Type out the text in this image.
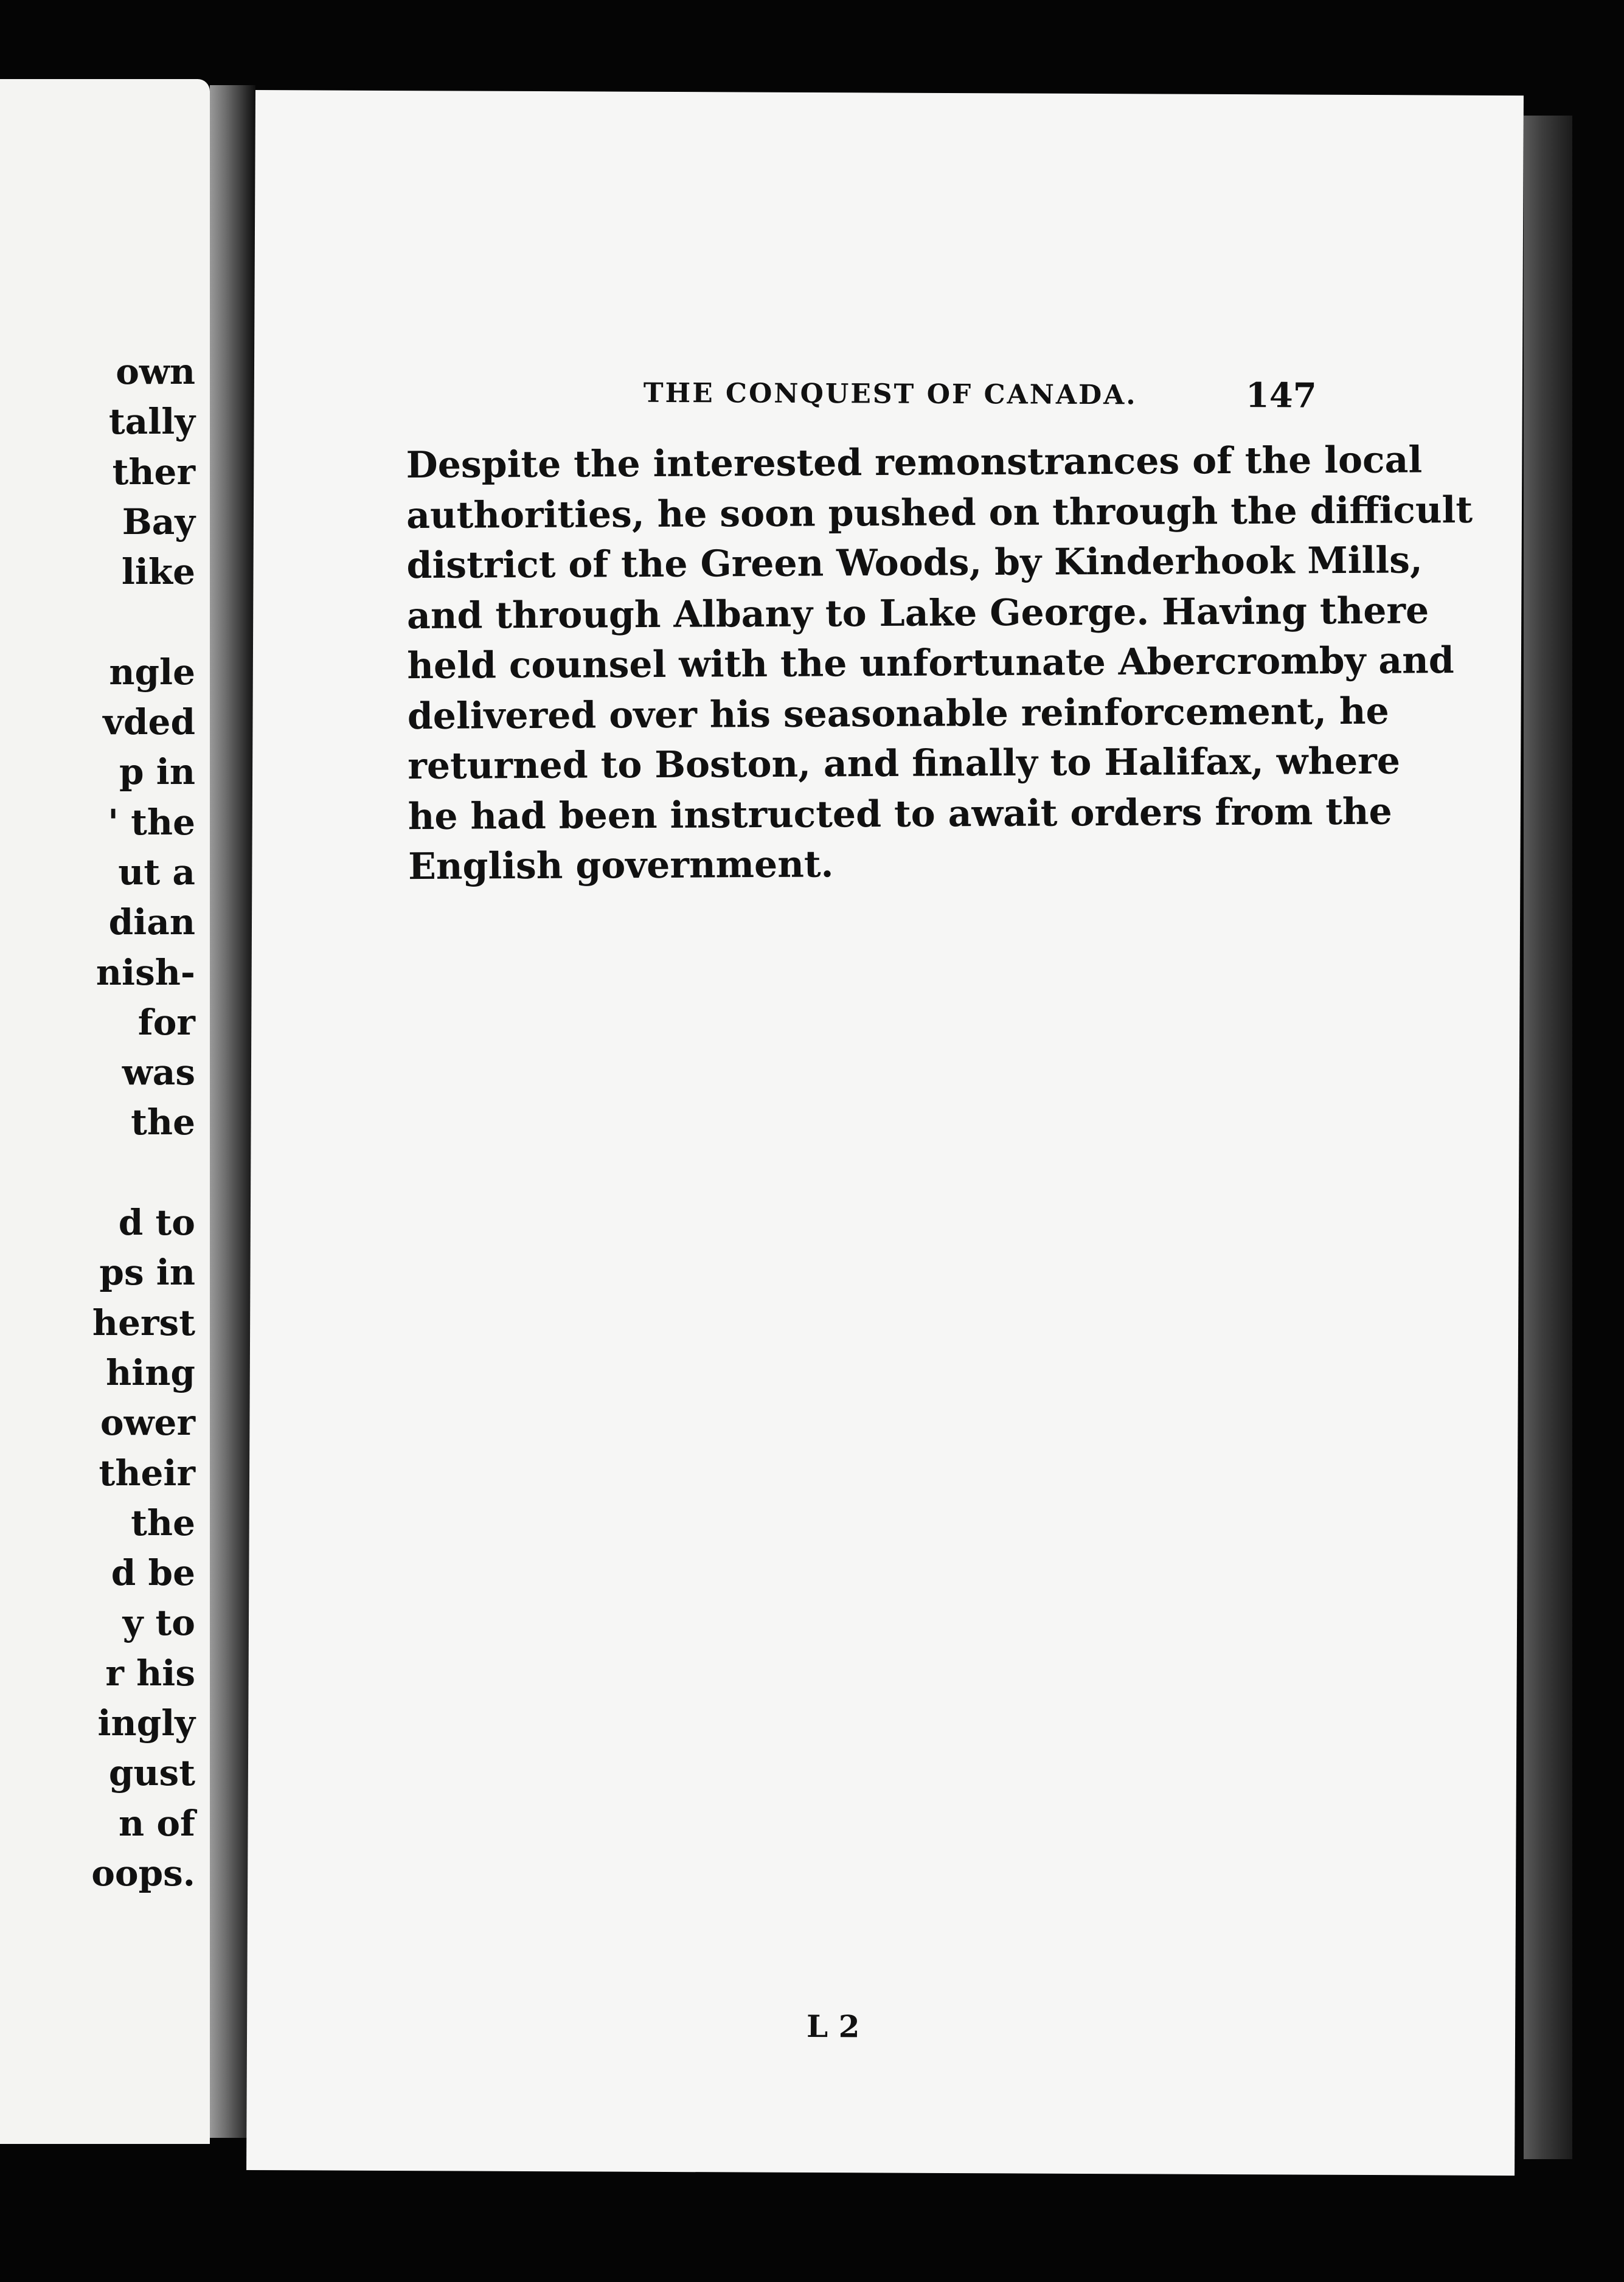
own
tally
ther
Bay
like
ngle
vded
p in
' the
ut a
dian
nish-
for
was
the
d to
ps in
herst
hing
ower
their
the
d be
y to
r his
ingly
gust
n of
oops.
THE CONQUEST OF CANADA.	147
Despite the interested remonstrances of the local
authorities, he soon pushed on through the difficult
district of the Green Woods, by Kinderhook Mills,
and through Albany to Lake George. Having there
held counsel with the unfortunate Abercromby and
delivered over his seasonable reinforcement, he
returned to Boston, and finally to Halifax, where
he had been instructed to await orders from the
English government.
L 2
